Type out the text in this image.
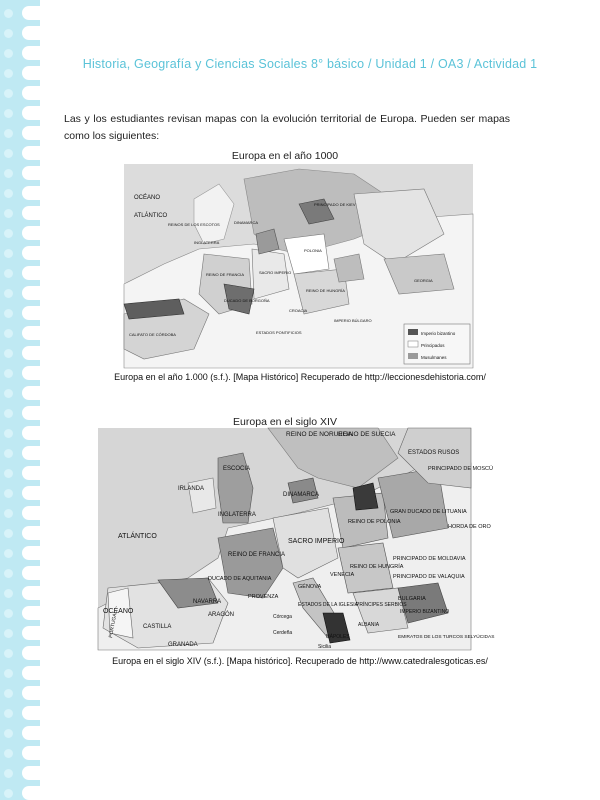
Historia, Geografía y Ciencias Sociales 8° básico / Unidad 1 / OA3 / Actividad 1
Las y los estudiantes revisan mapas con la evolución territorial de Europa. Pueden ser mapas como los siguientes:
Europa en el año 1000
Imperio bizantino
Principados
Musulmanes
OCÉANO
ATLÁNTICO
REINOS DE LOS ESCOTOS
INGLATERRA
DINAMARCA
PRINCIPADO DE KIEV
POLONIA
SACRO IMPERIO
REINO DE FRANCIA
DUCADO DE BORGOÑA
REINO DE HUNGRÍA
CROACIA
IMPERIO BÚLGARO
ESTADOS PONTIFICIOS
CALIFATO DE CÓRDOBA
GEORGIA
Europa en el año 1.000 (s.f.). [Mapa Histórico] Recuperado de http://leccionesdehistoria.com/
Europa en el siglo XIV
REINO DE NORUEGA
REINO DE SUECIA
ESTADOS RUSOS
PRINCIPADO DE MOSCÚ
ESCOCIA
IRLANDA
DINAMARCA
INGLATERRA	GRAN DUCADO DE LITUANIA
ATLÁNTICO
OCÉANO
REINO DE POLONIA
HORDA DE ORO
SACRO IMPERIO
REINO DE FRANCIA
PRINCIPADO DE MOLDAVIA
REINO DE HUNGRÍA
PRINCIPADO DE VALAQUIA
DUCADO DE AQUITANIA
GÉNOVA
VENECIA
PROVENZA
NAVARRA
ARAGÓN
PORTUGAL	CASTILLA
GRANADA
Córcega
Cerdeña
ESTADOS DE LA IGLESIA
PRÍNCIPES SERBIOS
BULGARIA
IMPERIO BIZANTINO
ALBANIA
NÁPOLES
Sicilia
EMIRATOS DE LOS TURCOS SELYÚCIDAS
Europa en el siglo XIV (s.f.). [Mapa histórico]. Recuperado de http://www.catedralesgoticas.es/
